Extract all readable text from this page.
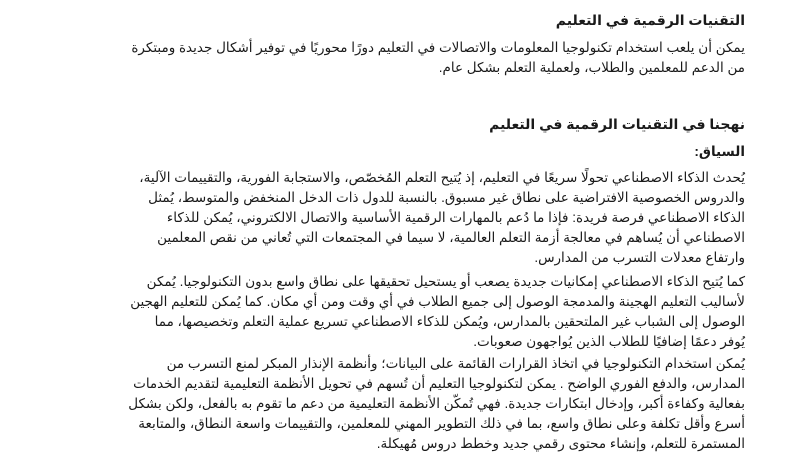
التقنيات الرقمية في التعليم

يمكن أن يلعب استخدام تكنولوجيا المعلومات والاتصالات في التعليم دورًا محوريًا في توفير أشكال جديدة ومبتكرة
من الدعم للمعلمين والطلاب، ولعملية التعلم بشكل عام.

نهجنا في التقنيات الرقمية في التعليم
السياق:

يُحدث الذكاء الاصطناعي تحولًا سريعًا في التعليم، إذ يُتيح التعلم المُخصّص، والاستجابة الفورية، والتقييمات الآلية،
والدروس الخصوصية الافتراضية على نطاق غير مسبوق. بالنسبة للدول ذات الدخل المنخفض والمتوسط، يُمثل
الذكاء الاصطناعي فرصة فريدة: فإذا ما دُعم بالمهارات الرقمية الأساسية والاتصال الالكتروني، يُمكن للذكاء
الاصطناعي أن يُساهم في معالجة أزمة التعلم العالمية، لا سيما في المجتمعات التي تُعاني من نقص المعلمين
وارتفاع معدلات التسرب من المدارس.

كما يُتيح الذكاء الاصطناعي إمكانيات جديدة يصعب أو يستحيل تحقيقها على نطاق واسع بدون التكنولوجيا. يُمكن
لأساليب التعليم الهجينة والمدمجة الوصول إلى جميع الطلاب في أي وقت ومن أي مكان. كما يُمكن للتعليم الهجين
الوصول إلى الشباب غير الملتحقين بالمدارس، ويُمكن للذكاء الاصطناعي تسريع عملية التعلم وتخصيصها، مما
يُوفر دعمًا إضافيًا للطلاب الذين يُواجهون صعوبات.

يُمكن استخدام التكنولوجيا في اتخاذ القرارات القائمة على البيانات؛ وأنظمة الإنذار المبكر لمنع التسرب من
المدارس، والدفع الفوري الواضح . يمكن لتكنولوجيا التعليم أن تُسهم في تحويل الأنظمة التعليمية لتقديم الخدمات
بفعالية وكفاءة أكبر، وإدخال ابتكارات جديدة. فهي تُمكّن الأنظمة التعليمية من دعم ما تقوم به بالفعل، ولكن بشكل
أسرع وأقل تكلفة وعلى نطاق واسع، بما في ذلك التطوير المهني للمعلمين، والتقييمات واسعة النطاق، والمتابعة
المستمرة للتعلم، وإنشاء محتوى رقمي جديد وخطط دروس مُهيكلة.
